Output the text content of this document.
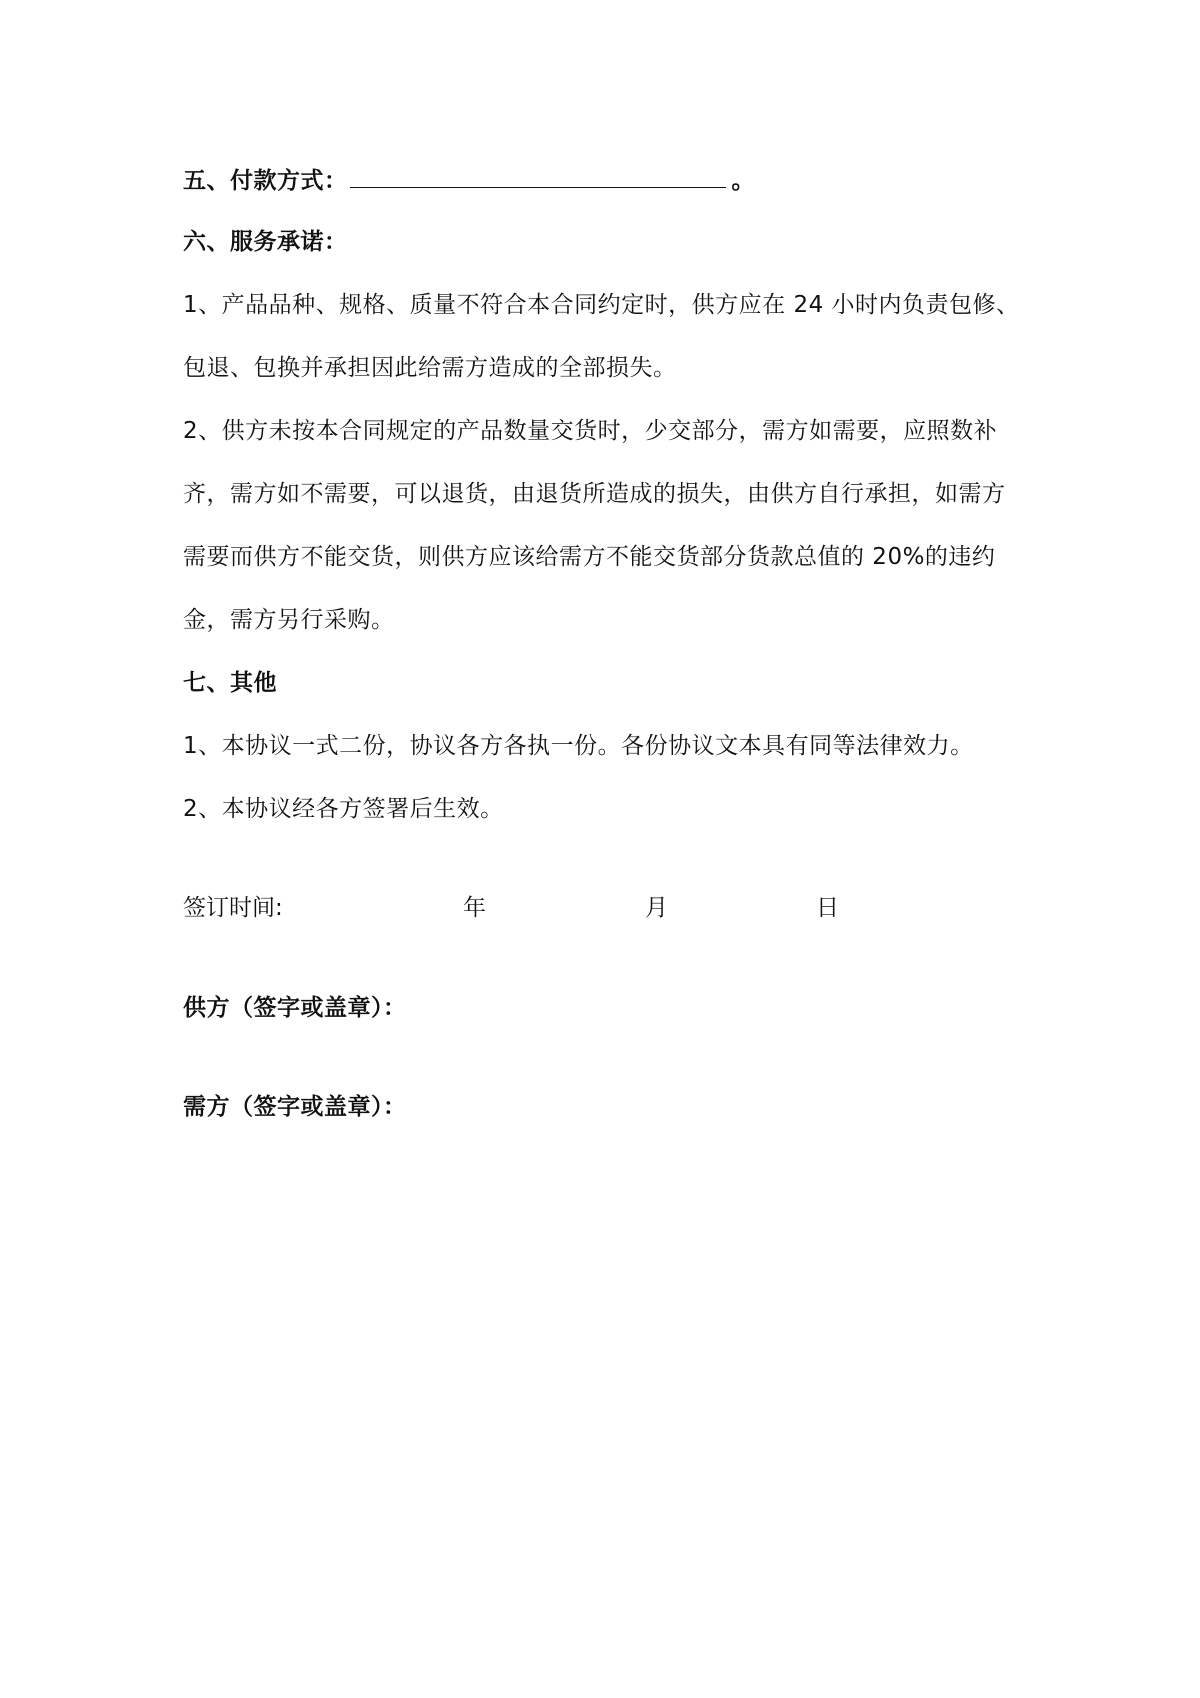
五、付款方式：	。
六、服务承诺：
1、产品品种、规格、质量不符合本合同约定时，供方应在 24 小时内负责包修、
包退、包换并承担因此给需方造成的全部损失。
2、供方未按本合同规定的产品数量交货时，少交部分，需方如需要，应照数补
齐，需方如不需要，可以退货，由退货所造成的损失，由供方自行承担，如需方
需要而供方不能交货，则供方应该给需方不能交货部分货款总值的 20%的违约
金，需方另行采购。
七、其他
1、本协议一式二份，协议各方各执一份。各份协议文本具有同等法律效力。
2、本协议经各方签署后生效。
签订时间:	年	月	日
供方（签字或盖章）：
需方（签字或盖章）：
